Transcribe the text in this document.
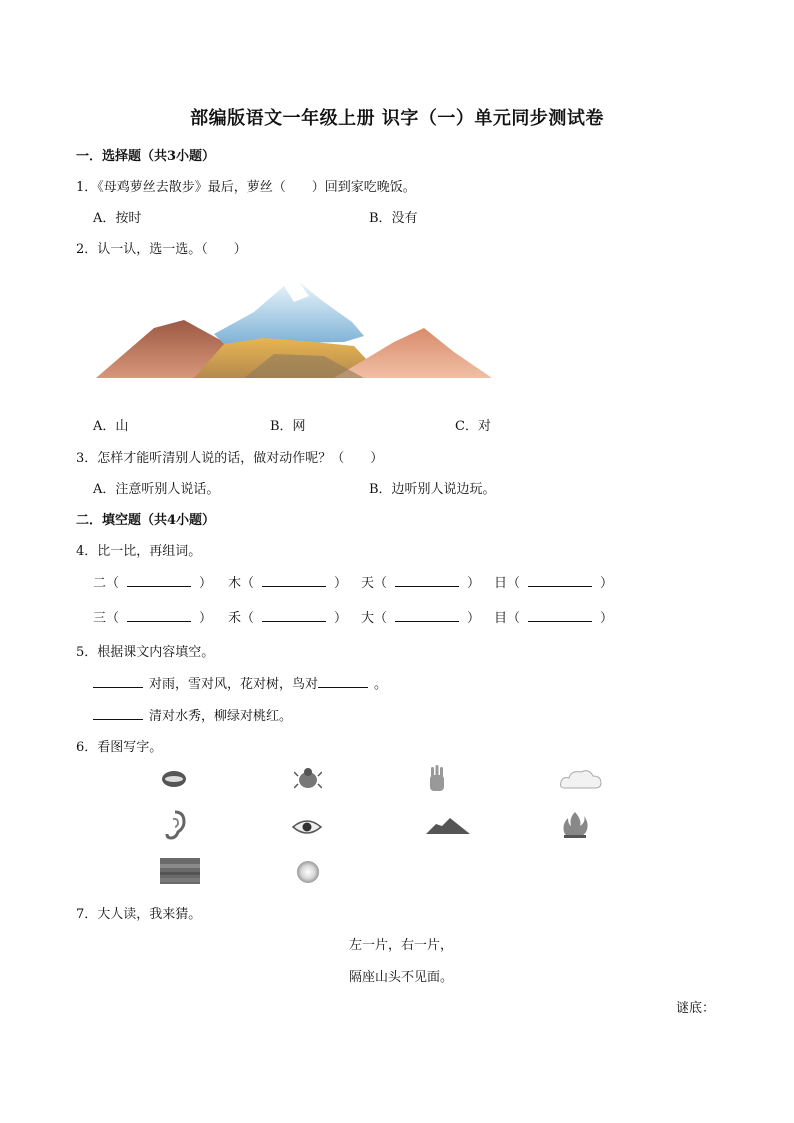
部编版语文一年级上册 识字（一）单元同步测试卷
一．选择题（共3小题）
1．《母鸡萝丝去散步》最后，萝丝（　　）回到家吃晚饭。
A．按时	B．没有
2．认一认，选一选。（　　）
A．山	B．网	C．对
3．怎样才能听清别人说的话，做对动作呢？（　　）
A．注意听别人说话。	B．边听别人说边玩。
二．填空题（共4小题）
4．比一比，再组词。
二（	） 木（	） 天（	） 日（	）
三（	） 禾（	） 大（	） 目（	）
5．根据课文内容填空。
对雨，雪对风，花对树，鸟对	。
清对水秀，柳绿对桃红。
6．看图写字。
7．大人读，我来猜。
左一片，右一片，
隔座山头不见面。
谜底：
